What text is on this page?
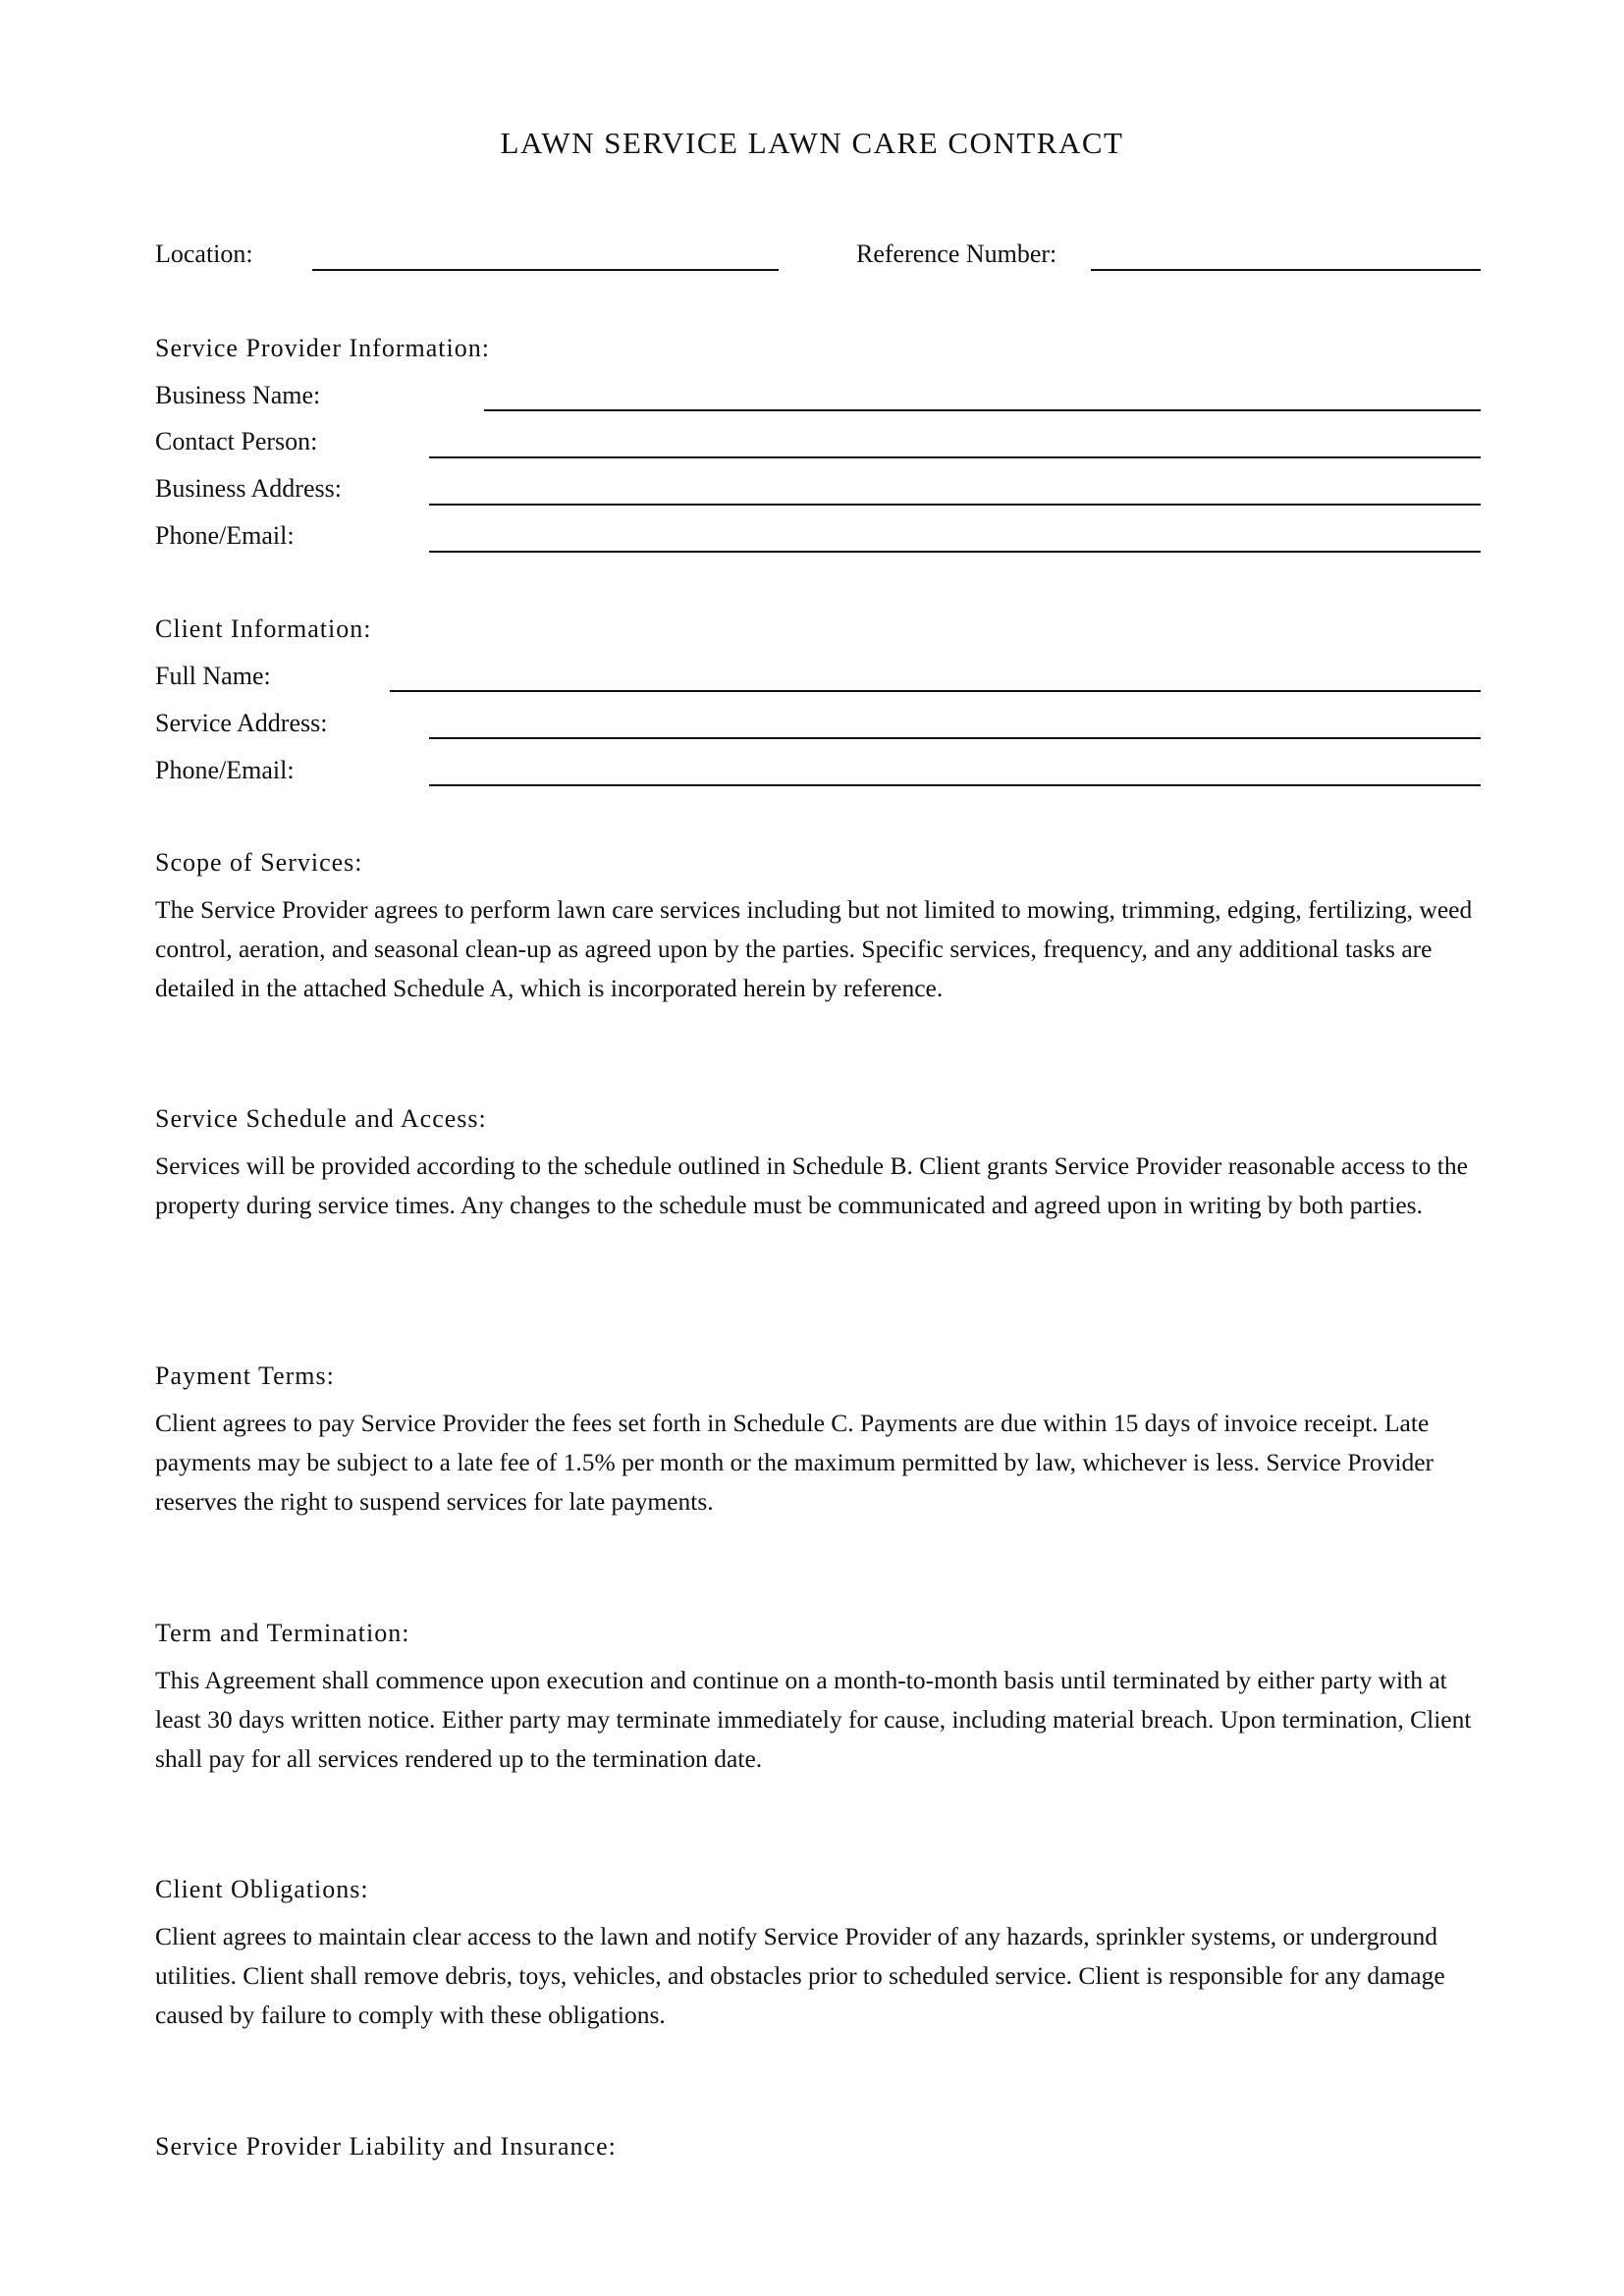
LAWN SERVICE LAWN CARE CONTRACT
Location:	Reference Number:
Service Provider Information:
Business Name:
Contact Person:
Business Address:
Phone/Email:
Client Information:
Full Name:
Service Address:
Phone/Email:
Scope of Services:

The Service Provider agrees to perform lawn care services including but not limited to mowing, trimming, edging, fertilizing, weed control, aeration, and seasonal clean-up as agreed upon by the parties. Specific services, frequency, and any additional tasks are detailed in the attached Schedule A, which is incorporated herein by reference.

Service Schedule and Access:

Services will be provided according to the schedule outlined in Schedule B. Client grants Service Provider reasonable access to the property during service times. Any changes to the schedule must be communicated and agreed upon in writing by both parties.

Payment Terms:

Client agrees to pay Service Provider the fees set forth in Schedule C. Payments are due within 15 days of invoice receipt. Late payments may be subject to a late fee of 1.5% per month or the maximum permitted by law, whichever is less. Service Provider reserves the right to suspend services for late payments.

Term and Termination:

This Agreement shall commence upon execution and continue on a month-to-month basis until terminated by either party with at least 30 days written notice. Either party may terminate immediately for cause, including material breach. Upon termination, Client shall pay for all services rendered up to the termination date.

Client Obligations:

Client agrees to maintain clear access to the lawn and notify Service Provider of any hazards, sprinkler systems, or underground utilities. Client shall remove debris, toys, vehicles, and obstacles prior to scheduled service. Client is responsible for any damage caused by failure to comply with these obligations.

Service Provider Liability and Insurance:
